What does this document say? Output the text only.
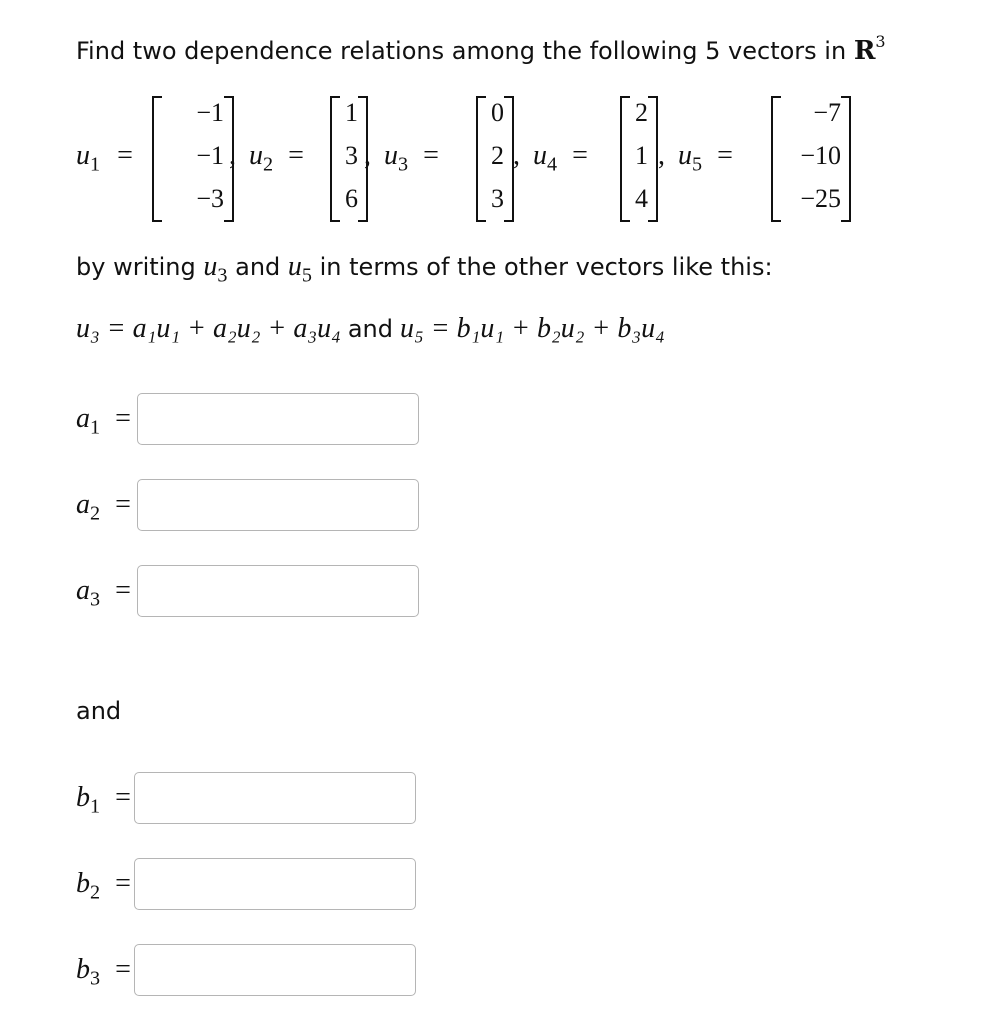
Find two dependence relations among the following 5 vectors in $R^3$
$u_1$ =
−1
−1
−3
, $u_2$ =
1
3
6
, $u_3$ =
0
2
3
, $u_4$ =
2
1
4
, $u_5$ =
−7
−10
−25
by writing $u_3$ and $u_5$ in terms of the other vectors like this:
u₃ = a₁u₁ + a₂u₂ + a₃u₄ and u₅ = b₁u₁ + b₂u₂ + b₃u₄
$a_1$ =
$a_2$ =
$a_3$ =
and
$b_1$ =
$b_2$ =
$b_3$ =
